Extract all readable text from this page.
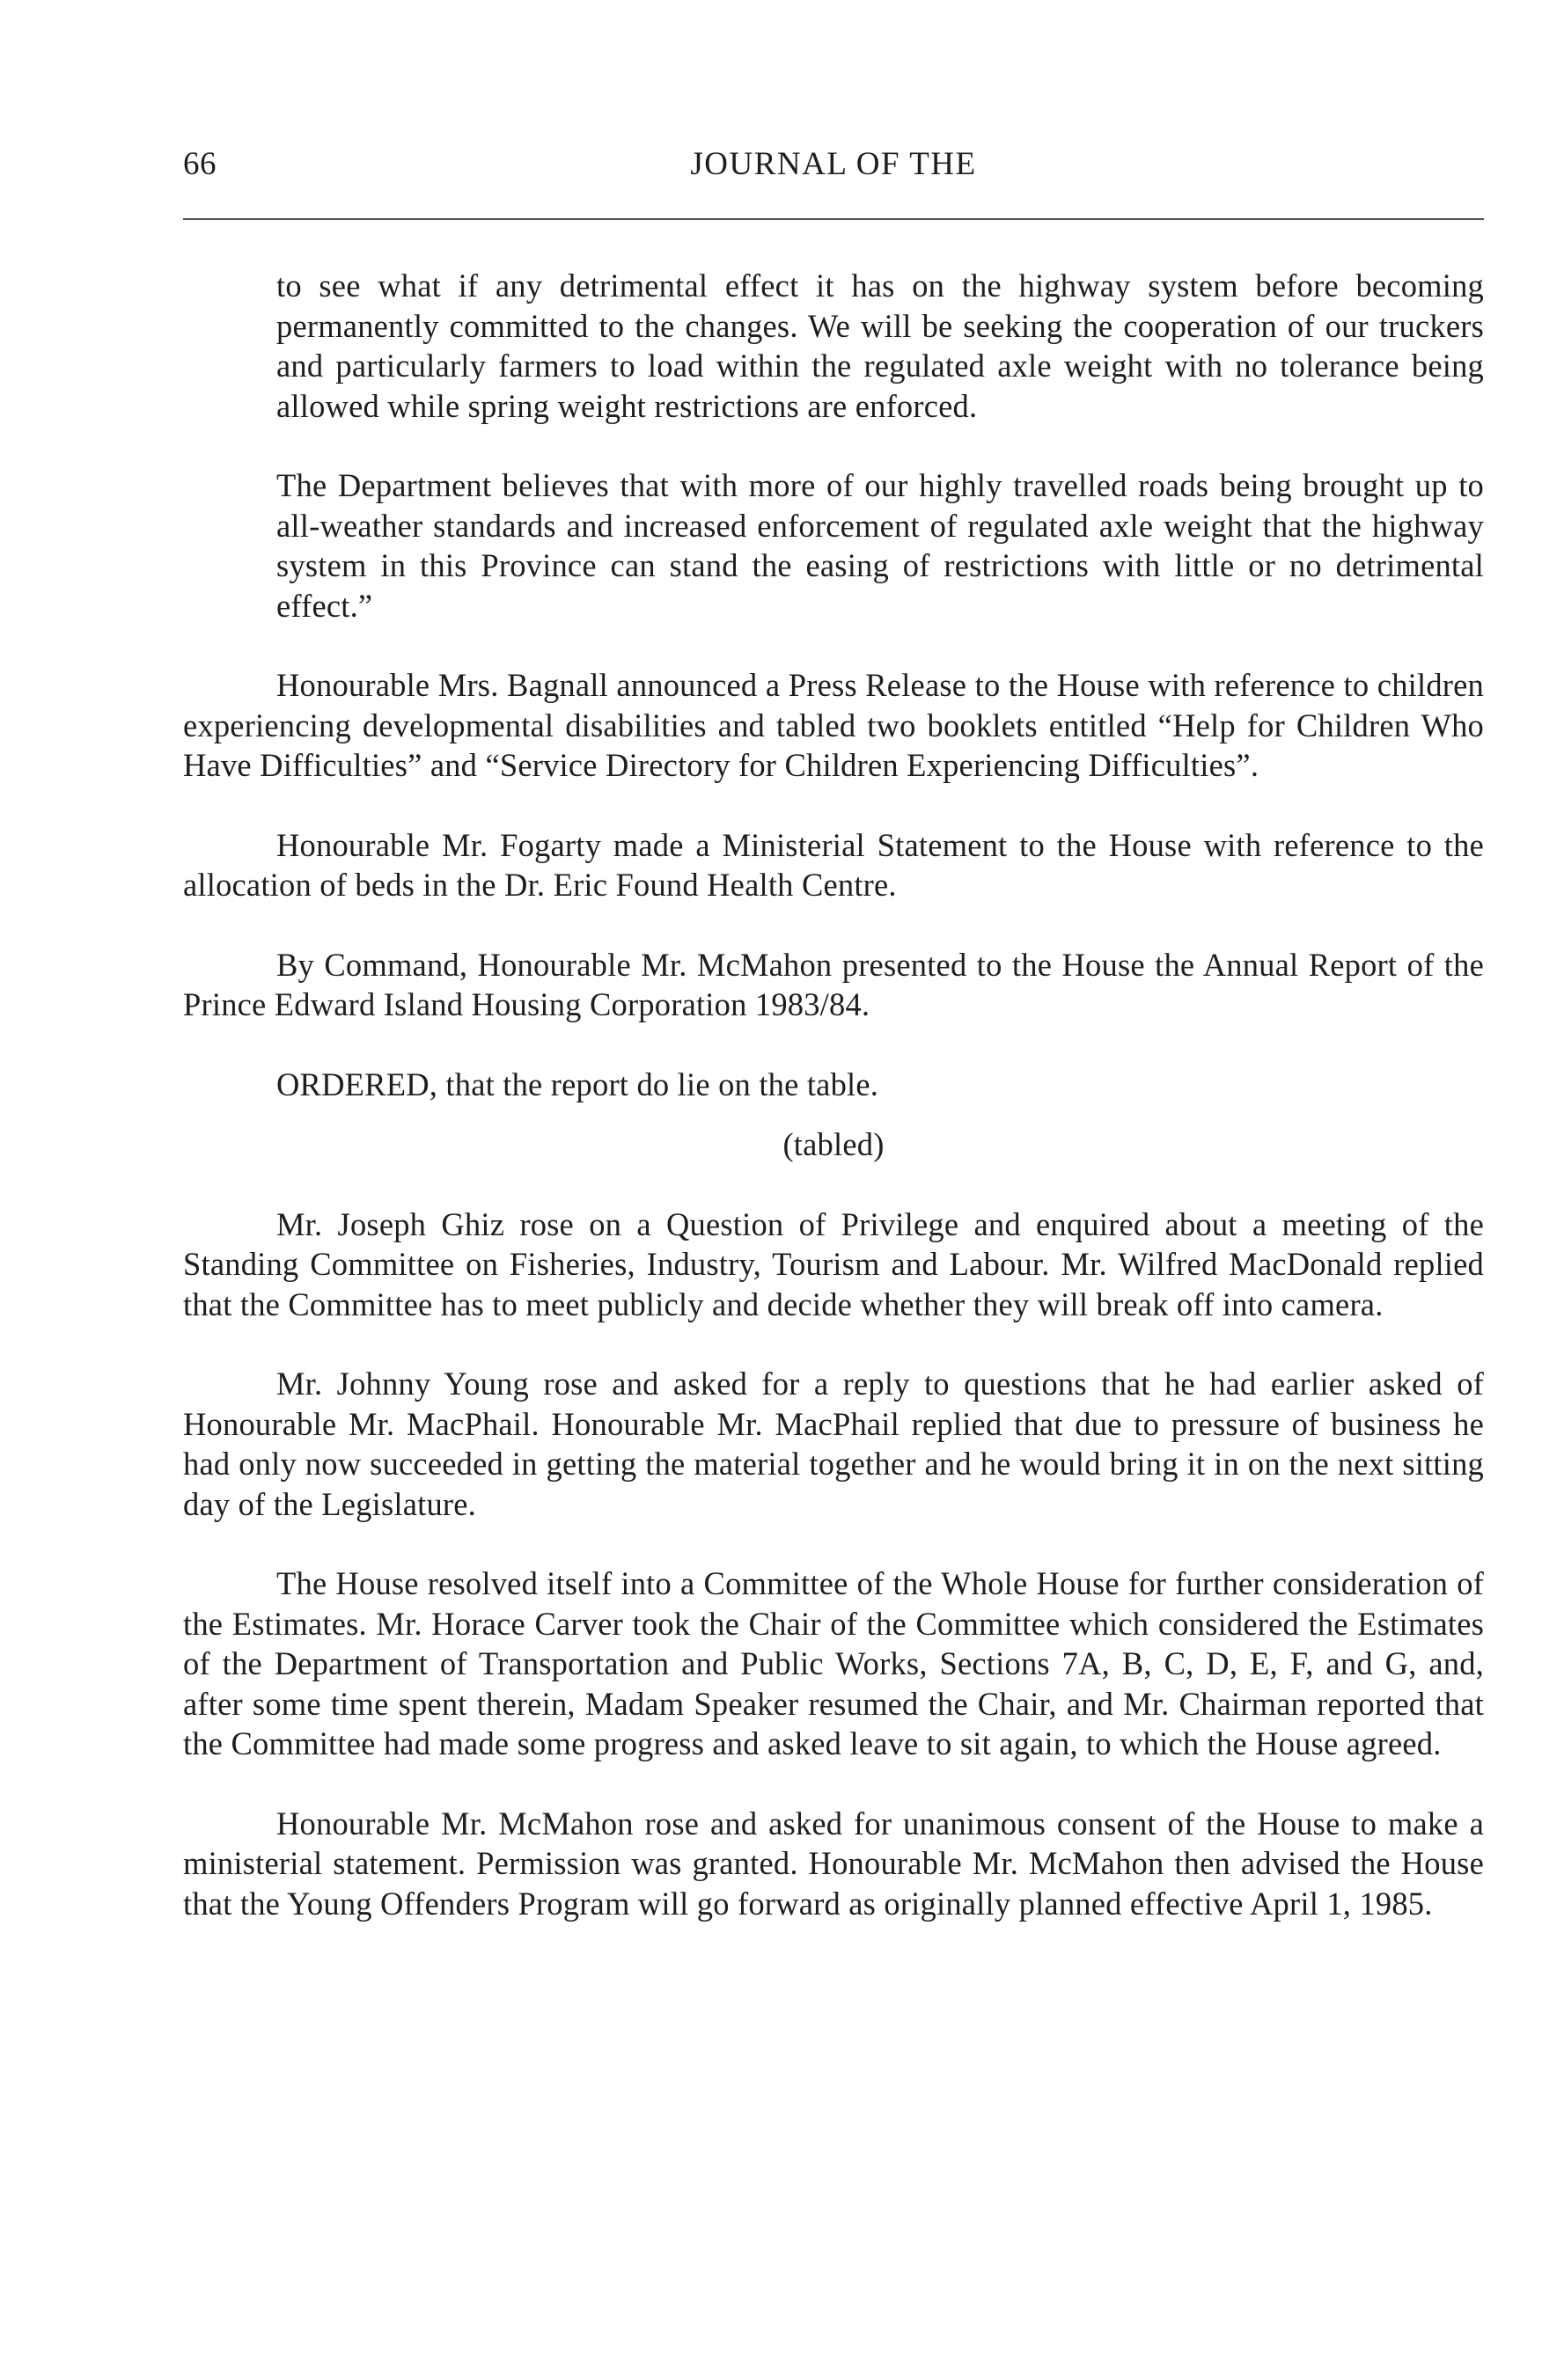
66	JOURNAL OF THE

to see what if any detrimental effect it has on the highway system before becoming permanently committed to the changes. We will be seeking the cooperation of our truckers and particularly farmers to load within the regulated axle weight with no tolerance being allowed while spring weight restrictions are enforced.

The Department believes that with more of our highly travelled roads being brought up to all-weather standards and increased enforcement of regulated axle weight that the highway system in this Province can stand the easing of restrictions with little or no detrimental effect.”

Honourable Mrs. Bagnall announced a Press Release to the House with reference to children experiencing developmental disabilities and tabled two booklets entitled “Help for Children Who Have Difficulties” and “Service Directory for Children Experiencing Difficulties”.

Honourable Mr. Fogarty made a Ministerial Statement to the House with reference to the allocation of beds in the Dr. Eric Found Health Centre.

By Command, Honourable Mr. McMahon presented to the House the Annual Report of the Prince Edward Island Housing Corporation 1983/84.

ORDERED, that the report do lie on the table.

(tabled)

Mr. Joseph Ghiz rose on a Question of Privilege and enquired about a meeting of the Standing Committee on Fisheries, Industry, Tourism and Labour. Mr. Wilfred MacDonald replied that the Committee has to meet publicly and decide whether they will break off into camera.

Mr. Johnny Young rose and asked for a reply to questions that he had earlier asked of Honourable Mr. MacPhail. Honourable Mr. MacPhail replied that due to pressure of business he had only now succeeded in getting the material together and he would bring it in on the next sitting day of the Legislature.

The House resolved itself into a Committee of the Whole House for further consideration of the Estimates. Mr. Horace Carver took the Chair of the Committee which considered the Estimates of the Department of Transportation and Public Works, Sections 7A, B, C, D, E, F, and G, and, after some time spent therein, Madam Speaker resumed the Chair, and Mr. Chairman reported that the Committee had made some progress and asked leave to sit again, to which the House agreed.

Honourable Mr. McMahon rose and asked for unanimous consent of the House to make a ministerial statement. Permission was granted. Honourable Mr. McMahon then advised the House that the Young Offenders Program will go forward as originally planned effective April 1, 1985.
